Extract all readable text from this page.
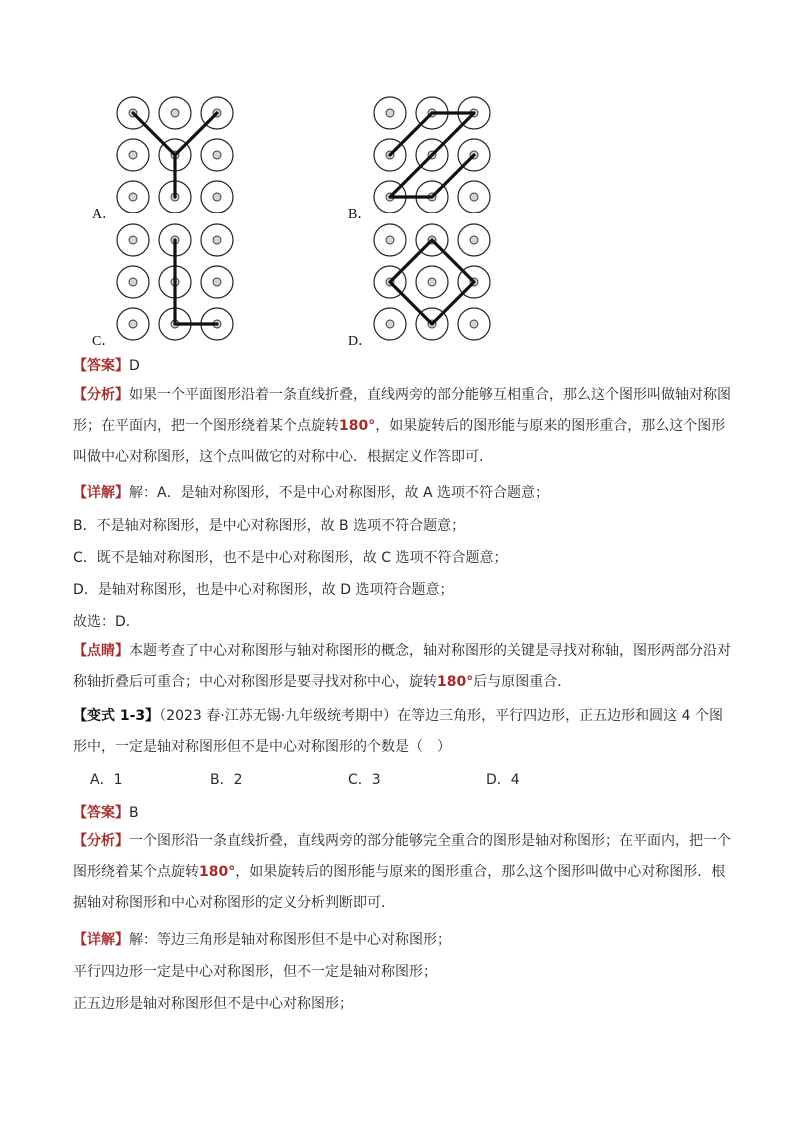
A．	B．
C．	D．
【答案】D
【分析】如果一个平面图形沿着一条直线折叠，直线两旁的部分能够互相重合，那么这个图形叫做轴对称图形；在平面内，把一个图形绕着某个点旋转180°，如果旋转后的图形能与原来的图形重合，那么这个图形叫做中心对称图形，这个点叫做它的对称中心．根据定义作答即可.
【详解】解：A．是轴对称图形，不是中心对称图形，故 A 选项不符合题意；
B．不是轴对称图形，是中心对称图形，故 B 选项不符合题意；
C．既不是轴对称图形，也不是中心对称图形，故 C 选项不符合题意；
D．是轴对称图形，也是中心对称图形，故 D 选项符合题意；
故选：D．
【点睛】本题考查了中心对称图形与轴对称图形的概念，轴对称图形的关键是寻找对称轴，图形两部分沿对称轴折叠后可重合；中心对称图形是要寻找对称中心，旋转180°后与原图重合．
【变式 1-3】（2023 春·江苏无锡·九年级统考期中）在等边三角形，平行四边形，正五边形和圆这 4 个图形中，一定是轴对称图形但不是中心对称图形的个数是（　）
A．1	B．2	C．3	D．4
【答案】B
【分析】一个图形沿一条直线折叠，直线两旁的部分能够完全重合的图形是轴对称图形；在平面内，把一个图形绕着某个点旋转180°，如果旋转后的图形能与原来的图形重合，那么这个图形叫做中心对称图形．根据轴对称图形和中心对称图形的定义分析判断即可．
【详解】解：等边三角形是轴对称图形但不是中心对称图形；
平行四边形一定是中心对称图形，但不一定是轴对称图形；
正五边形是轴对称图形但不是中心对称图形；
